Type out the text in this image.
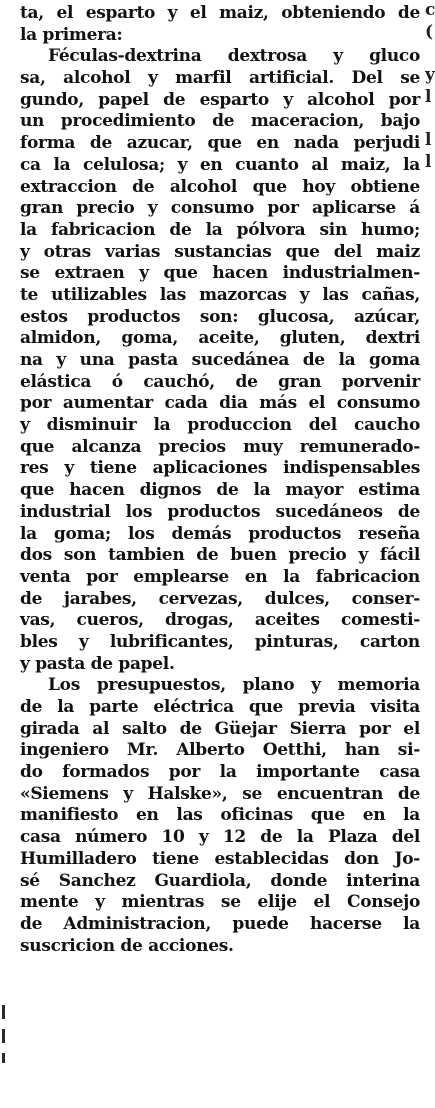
ta, el esparto y el maiz, obteniendo de
la primera:
Féculas-dextrina dextrosa y gluco
sa, alcohol y marfil artificial. Del se
gundo, papel de esparto y alcohol por
un procedimiento de maceracion, bajo
forma de azucar, que en nada perjudi
ca la celulosa; y en cuanto al maiz, la
extraccion de alcohol que hoy obtiene
gran precio y consumo por aplicarse á
la fabricacion de la pólvora sin humo;
y otras varias sustancias que del maiz
se extraen y que hacen industrialmen-
te utilizables las mazorcas y las cañas,
estos productos son: glucosa, azúcar,
almidon, goma, aceite, gluten, dextri
na y una pasta sucedánea de la goma
elástica ó cauchó, de gran porvenir
por aumentar cada dia más el consumo
y disminuir la produccion del caucho
que alcanza precios muy remuneradо-
res y tiene aplicaciones indispensables
que hacen dignos de la mayor estima
industrial los productos sucedáneos de
la goma; los demás productos reseña
dos son tambien de buen precio y fácil
venta por emplearse en la fabricacion
de jarabes, cervezas, dulces, conser-
vas, cueros, drogas, aceites comesti-
bles y lubrificantes, pinturas, carton
y pasta de papel.
Los presupuestos, plano y memoria
de la parte eléctrica que previa visita
girada al salto de Güejar Sierra por el
ingeniero Mr. Alberto Oetthi, han si-
do formados por la importante casa
«Siemens y Halske», se encuentran de
manifiesto en las oficinas que en la
casa número 10 y 12 de la Plaza del
Humilladero tiene establecidas don Jo-
sé Sanchez Guardiola, donde interina
mente y mientras se elije el Consejo
de Administracion, puede hacerse la
suscricion de acciones.
c
(
y
l
l
l
